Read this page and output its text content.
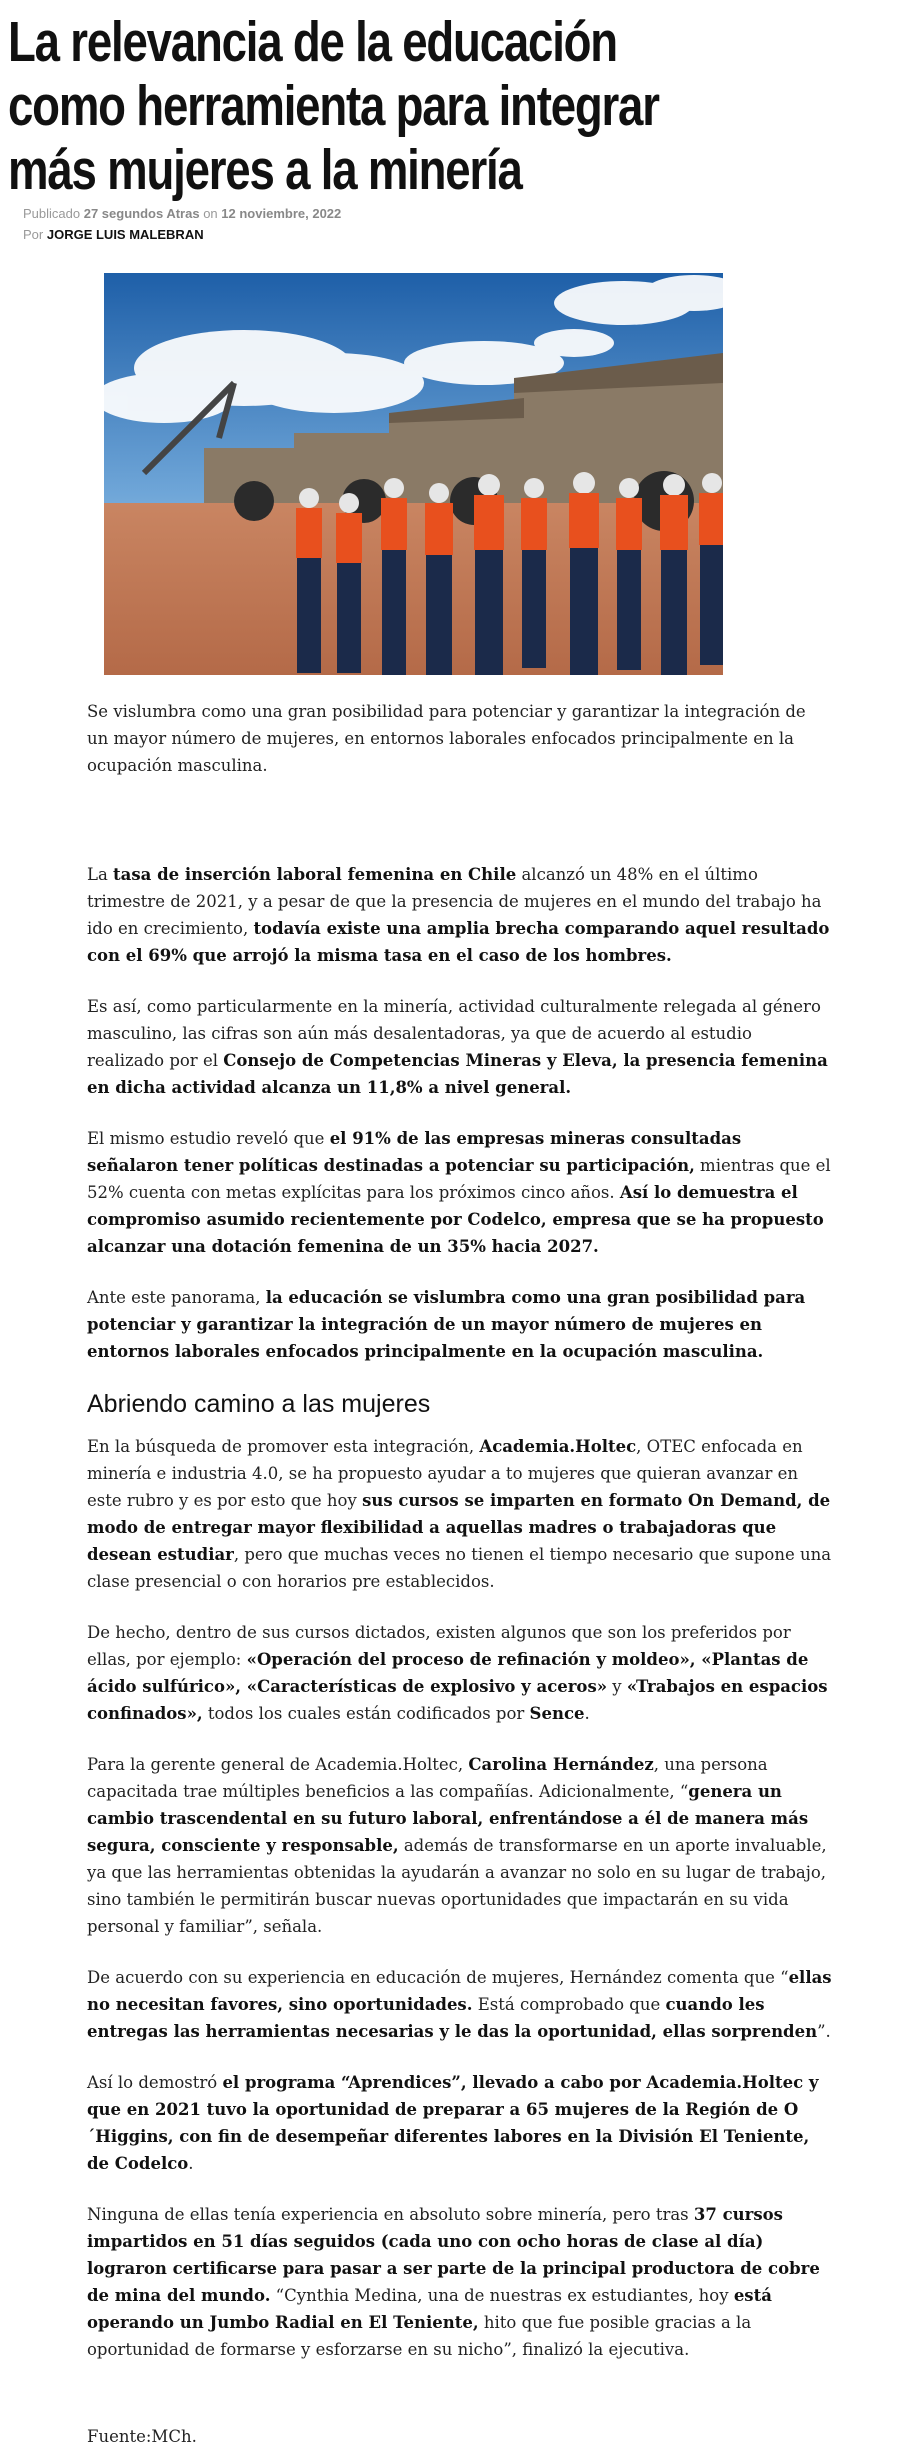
La relevancia de la educación como herramienta para integrar más mujeres a la minería
Publicado 27 segundos Atras on 12 noviembre, 2022
Por JORGE LUIS MALEBRAN

Se vislumbra como una gran posibilidad para potenciar y garantizar la integración de un mayor número de mujeres, en entornos laborales enfocados principalmente en la ocupación masculina.

La tasa de inserción laboral femenina en Chile alcanzó un 48% en el último trimestre de 2021, y a pesar de que la presencia de mujeres en el mundo del trabajo ha ido en crecimiento, todavía existe una amplia brecha comparando aquel resultado con el 69% que arrojó la misma tasa en el caso de los hombres.

Es así, como particularmente en la minería, actividad culturalmente relegada al género masculino, las cifras son aún más desalentadoras, ya que de acuerdo al estudio realizado por el Consejo de Competencias Mineras y Eleva, la presencia femenina en dicha actividad alcanza un 11,8% a nivel general.

El mismo estudio reveló que el 91% de las empresas mineras consultadas señalaron tener políticas destinadas a potenciar su participación, mientras que el 52% cuenta con metas explícitas para los próximos cinco años. Así lo demuestra el compromiso asumido recientemente por Codelco, empresa que se ha propuesto alcanzar una dotación femenina de un 35% hacia 2027.

Ante este panorama, la educación se vislumbra como una gran posibilidad para potenciar y garantizar la integración de un mayor número de mujeres en entornos laborales enfocados principalmente en la ocupación masculina.

Abriendo camino a las mujeres

En la búsqueda de promover esta integración, Academia.Holtec, OTEC enfocada en minería e industria 4.0, se ha propuesto ayudar a to mujeres que quieran avanzar en este rubro y es por esto que hoy sus cursos se imparten en formato On Demand, de modo de entregar mayor flexibilidad a aquellas madres o trabajadoras que desean estudiar, pero que muchas veces no tienen el tiempo necesario que supone una clase presencial o con horarios pre establecidos.

De hecho, dentro de sus cursos dictados, existen algunos que son los preferidos por ellas, por ejemplo: «Operación del proceso de refinación y moldeo», «Plantas de ácido sulfúrico», «Características de explosivo y aceros» y «Trabajos en espacios confinados», todos los cuales están codificados por Sence.

Para la gerente general de Academia.Holtec, Carolina Hernández, una persona capacitada trae múltiples beneficios a las compañías. Adicionalmente, “genera un cambio trascendental en su futuro laboral, enfrentándose a él de manera más segura, consciente y responsable, además de transformarse en un aporte invaluable, ya que las herramientas obtenidas la ayudarán a avanzar no solo en su lugar de trabajo, sino también le permitirán buscar nuevas oportunidades que impactarán en su vida personal y familiar”, señala.

De acuerdo con su experiencia en educación de mujeres, Hernández comenta que “ellas no necesitan favores, sino oportunidades. Está comprobado que cuando les entregas las herramientas necesarias y le das la oportunidad, ellas sorprenden”.

Así lo demostró el programa “Aprendices”, llevado a cabo por Academia.Holtec y que en 2021 tuvo la oportunidad de preparar a 65 mujeres de la Región de O´Higgins, con fin de desempeñar diferentes labores en la División El Teniente, de Codelco.

Ninguna de ellas tenía experiencia en absoluto sobre minería, pero tras 37 cursos impartidos en 51 días seguidos (cada uno con ocho horas de clase al día) lograron certificarse para pasar a ser parte de la principal productora de cobre de mina del mundo. “Cynthia Medina, una de nuestras ex estudiantes, hoy está operando un Jumbo Radial en El Teniente, hito que fue posible gracias a la oportunidad de formarse y esforzarse en su nicho”, finalizó la ejecutiva.

Fuente:MCh.
